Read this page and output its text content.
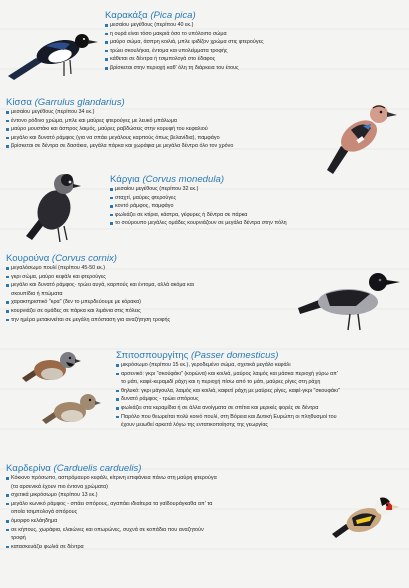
Καρακάξα (Pica pica)
μεσαίου μεγέθους (περίπου 40 εκ.)
η ουρά είναι τόσο μακριά όσο το υπόλοιπο σώμα
μαύρο σώμα, άσπρη κοιλιά, μπλε ιριδίζον χρώμα στις φτερούγες
τρώει σκουλήκια, έντομα και υπολείμματα τροφής
κάθεται σε δέντρα ή τσιμπολογά στο έδαφος
βρίσκεται στην περιοχή καθ' όλη τη διάρκεια του έτους
Κίσσα (Garrulus glandarius)
μεσαίου μεγέθους (περίπου 34 εκ.)
έντονο ρόδινο χρώμα, μπλε και μαύρες φτερούγες με λευκό μπάλωμα
μαύρο μουστάκι και άσπρος λαιμός, μαύρες ραβδώσεις στην κορυφή του κεφαλιού
μεγάλο και δυνατό ράμφος (για να σπάει μεγάλους καρπούς όπως βελανίδια), παμφάγο
βρίσκεται σε δέντρα σε δασάκια, μεγάλα πάρκα και χωράφια με μεγάλα δέντρα όλο τον χρόνο
Κάργια (Corvus monedula)
μεσαίου μεγέθους (περίπου 32 εκ.)
σταχτί, μαύρες φτερούγες
κοντό ράμφος, παμφάγο
φωλιάζει σε κτίρια, κάστρα, γέφυρες ή δέντρα σε πάρκα
το σούρουπο μεγάλες ομάδες κουρνιάζουν σε μεγάλα δέντρα στην πόλη
Κουρούνα (Corvus cornix)
μεγαλόσωμο πουλί (περίπου 45-50 εκ.)
γκρι σώμα, μαύρο κεφάλι και φτερούγες
μεγάλο και δυνατό ράμφος· τρώει αυγά, καρπούς και έντομα, αλλά ακόμα και
σκουπίδια ή πτώματα
χαρακτηριστικό "κρα" (δεν το μπερδεύουμε με κόρακα)
κουρνιάζει σε ομάδες σε πάρκα και λιμάνια στις πόλεις
την ημέρα μετακινείται σε μεγάλη απόσταση για αναζήτηση τροφής
Σπιτοσπουργίτης (Passer domesticus)
μικρόσωμο (περίπου 15 εκ.), γεροδεμένο σώμα, σχετικά μεγάλο κεφάλι
αρσενικό: γκρι "σκούφάκι" (κορώνα) και κοιλιά, μαύρος λαιμός και μάσκα περιοχή γύρω απ'
το μάτι, καφέ-κεραμιδί ράχη και η περιοχή πίσω από το μάτι, μαύρες ρίγες στη ράχη
θηλυκό: γκρι μάγουλα, λαιμός και κοιλιά, καφετί ράχη με μαύρες ρίγες, καφέ-γκρι "σκουφάκι"
δυνατό ράμφος - τρώει σπόρους
φωλιάζει στα κεραμίδια ή σε άλλα ανοίγματα σε σπίτια και μερικές φορές σε δέντρα
Παρόλο που θεωρείται πολύ κοινό πουλί, στη Βόρεια και Δυτική Ευρώπη οι πληθυσμοί του
έχουν μειωθεί αρκετά λόγω της εντατικοποίησης της γεωργίας
Καρδερίνα (Carduelis carduelis)
Κόκκινο πρόσωπο, ασπρόμαυρο κεφάλι, κίτρινη επιφάνεια πάνω στη μαύρη φτερούγα
(τα αρσενικά έχουν πιο έντονα χρώματα)
σχετικά μικρόσωμο (περίπου 13 εκ.)
μεγάλο κωνικό ράμφος - σπάει σπόρους, αγαπάει ιδιαίτερα τα γαϊδουράγκαθα απ' τα
οποία τσιμπολογά σπόρους
όμορφο κελάηδημα
σε κήπους, χωράφια, ελαιώνες και οπωρώνες, συχνά σε κοπάδια που αναζητούν
τροφή
κατασκευάζει φωλιά σε δέντρα
